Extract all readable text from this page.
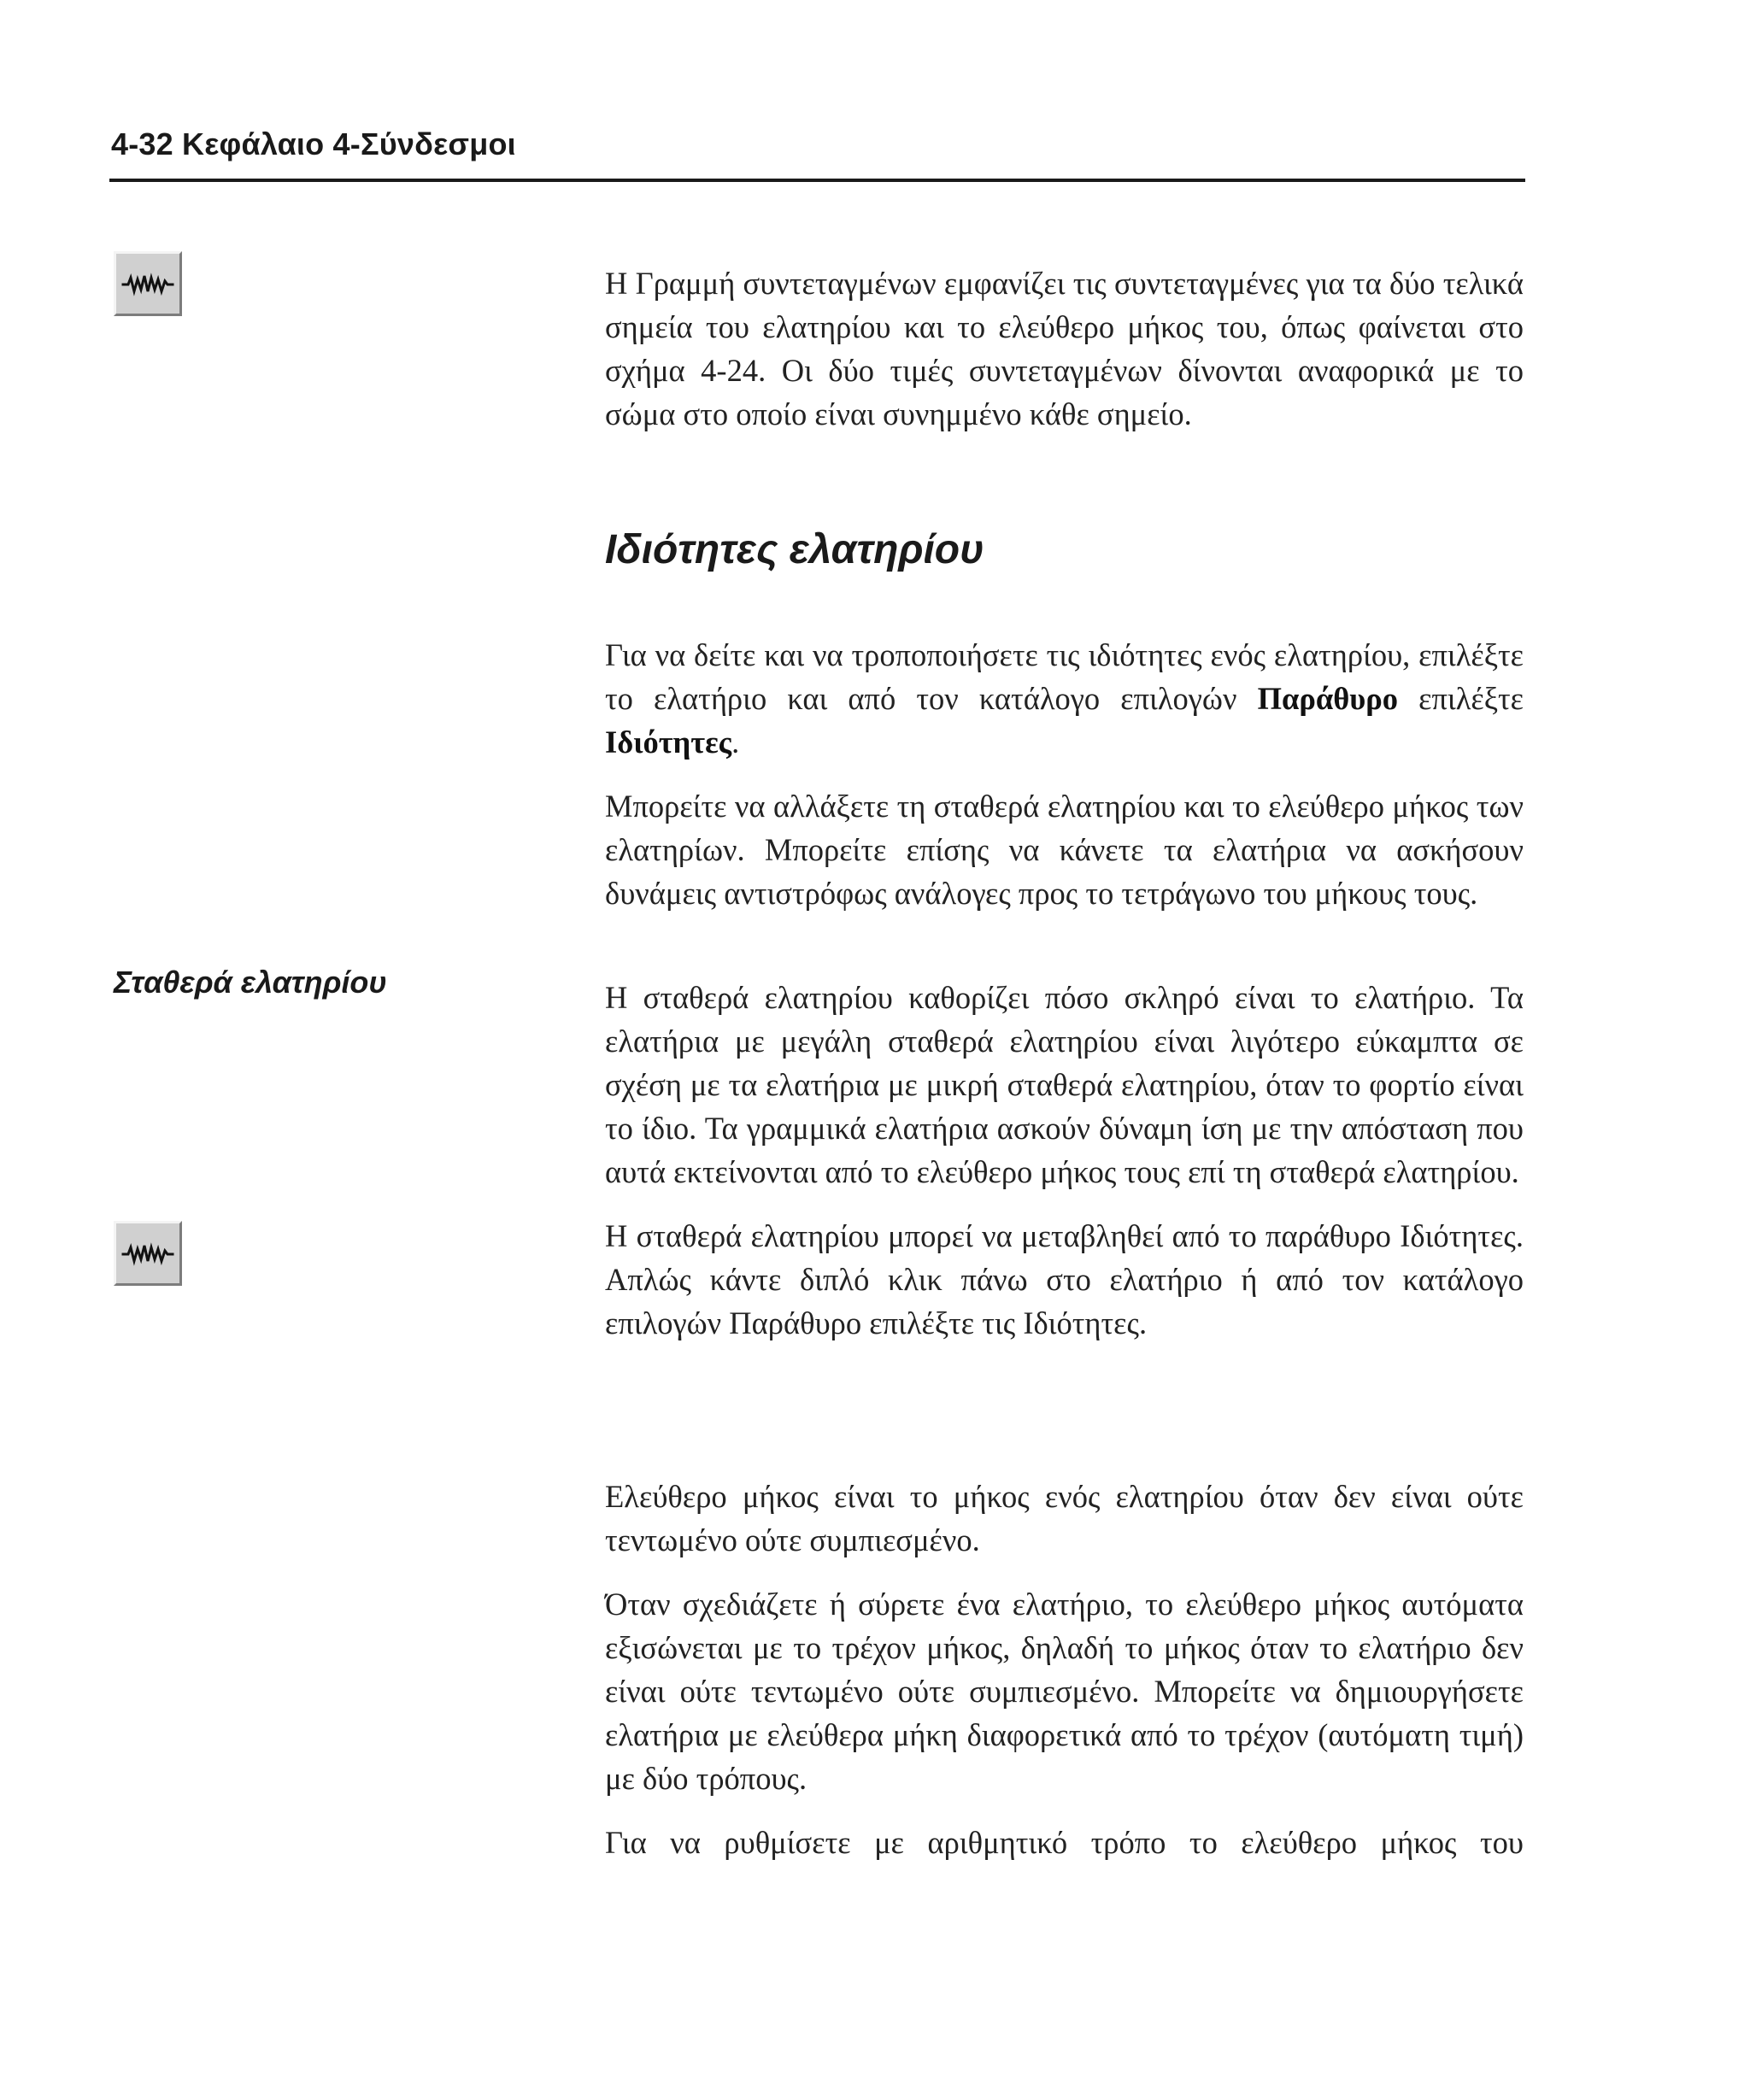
4-32 Κεφάλαιο 4-Σύνδεσμοι

Η Γραμμή συντεταγμένων εμφανίζει τις συντεταγμένες για τα δύο τελικά σημεία του ελατηρίου και το ελεύθερο μήκος του, όπως φαίνεται στο σχήμα 4-24. Οι δύο τιμές συντεταγμένων δίνονται αναφορικά με το σώμα στο οποίο είναι συνημμένο κάθε σημείο.

Ιδιότητες ελατηρίου

Για να δείτε και να τροποποιήσετε τις ιδιότητες ενός ελατηρίου, επιλέξτε το ελατήριο και από τον κατάλογο επιλογών Παράθυρο επιλέξτε Ιδιότητες.

Μπορείτε να αλλάξετε τη σταθερά ελατηρίου και το ελεύθερο μήκος των ελατηρίων. Μπορείτε επίσης να κάνετε τα ελατήρια να ασκήσουν δυνάμεις αντιστρόφως ανάλογες προς το τετράγωνο του μήκους τους.

Σταθερά ελατηρίου	Η σταθερά ελατηρίου καθορίζει πόσο σκληρό είναι το ελατήριο. Τα ελατήρια με μεγάλη σταθερά ελατηρίου είναι λιγότερο εύκαμπτα σε σχέση με τα ελατήρια με μικρή σταθερά ελατηρίου, όταν το φορτίο είναι το ίδιο. Τα γραμμικά ελατήρια ασκούν δύναμη ίση με την απόσταση που αυτά εκτείνονται από το ελεύθερο μήκος τους επί τη σταθερά ελατηρίου.

Η σταθερά ελατηρίου μπορεί να μεταβληθεί από το παράθυρο Ιδιότητες. Απλώς κάντε διπλό κλικ πάνω στο ελατήριο ή από τον κατάλογο επιλογών Παράθυρο επιλέξτε τις Ιδιότητες.

Ελεύθερο μήκος είναι το μήκος ενός ελατηρίου όταν δεν είναι ούτε τεντωμένο ούτε συμπιεσμένο.

Όταν σχεδιάζετε ή σύρετε ένα ελατήριο, το ελεύθερο μήκος αυτόματα εξισώνεται με το τρέχον μήκος, δηλαδή το μήκος όταν το ελατήριο δεν είναι ούτε τεντωμένο ούτε συμπιεσμένο. Μπορείτε να δημιουργήσετε ελατήρια με ελεύθερα μήκη διαφορετικά από το τρέχον (αυτόματη τιμή) με δύο τρόπους.

Για να ρυθμίσετε με αριθμητικό τρόπο το ελεύθερο μήκος του
